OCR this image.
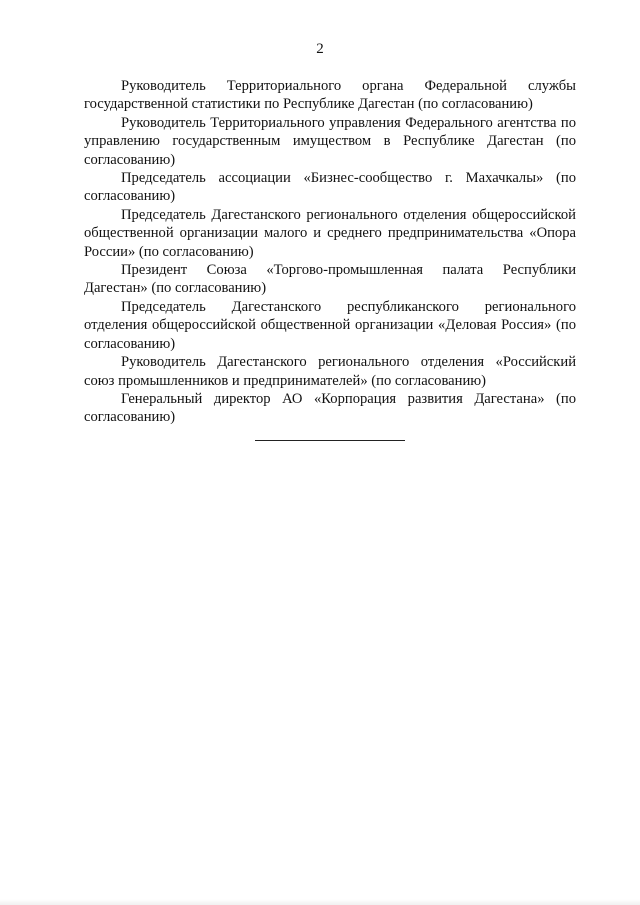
2

Руководитель Территориального органа Федеральной службы государственной статистики по Республике Дагестан (по согласованию)

Руководитель Территориального управления Федерального агентства по управлению государственным имуществом в Республике Дагестан (по согласованию)

Председатель ассоциации «Бизнес-сообщество г. Махачкалы» (по согласованию)

Председатель Дагестанского регионального отделения общероссийской общественной организации малого и среднего предпринимательства «Опора России» (по согласованию)

Президент Союза «Торгово-промышленная палата Республики Дагестан» (по согласованию)

Председатель Дагестанского республиканского регионального отделения общероссийской общественной организации «Деловая Россия» (по согласованию)

Руководитель Дагестанского регионального отделения «Российский союз промышленников и предпринимателей» (по согласованию)

Генеральный директор АО «Корпорация развития Дагестана» (по согласованию)
